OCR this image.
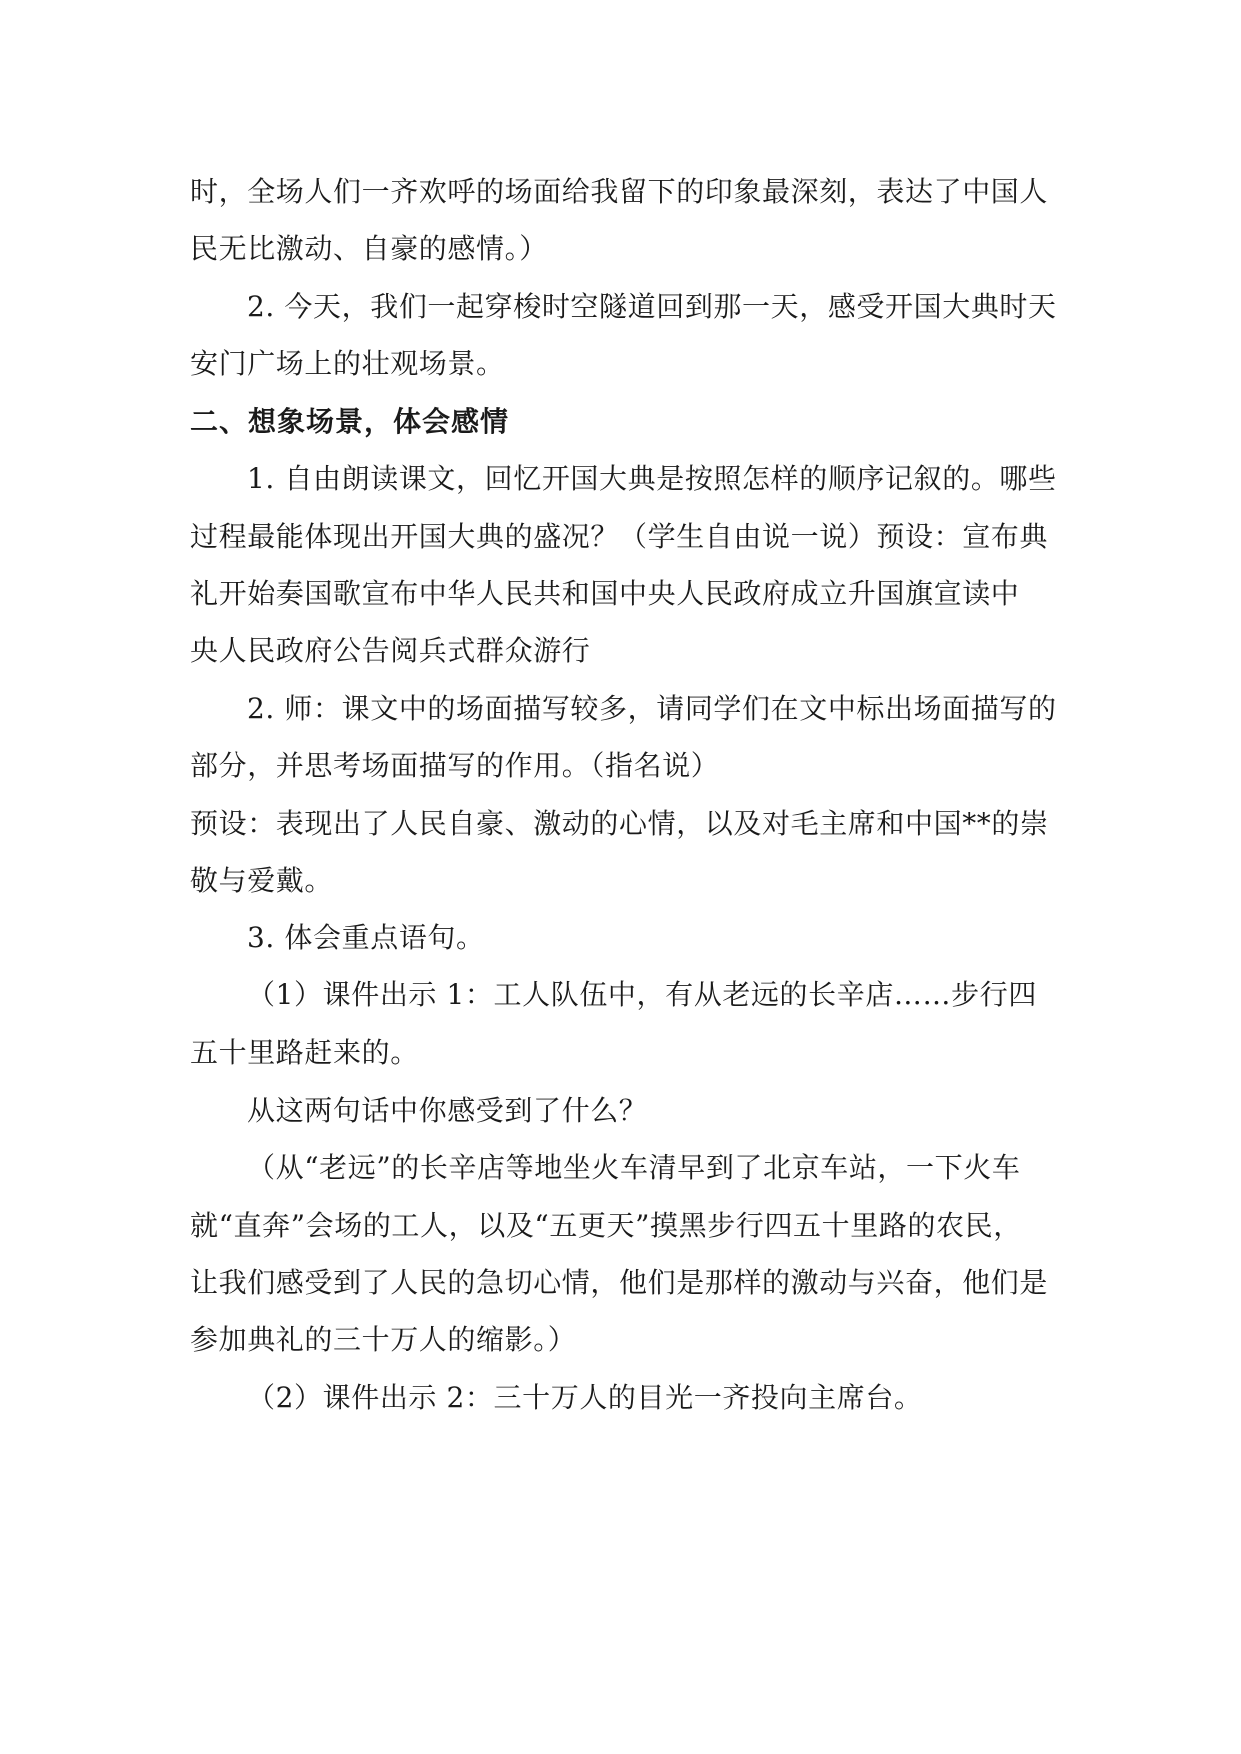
时，全场人们一齐欢呼的场面给我留下的印象最深刻，表达了中国人
民无比激动、自豪的感情。）
2. 今天，我们一起穿梭时空隧道回到那一天，感受开国大典时天
安门广场上的壮观场景。
二、想象场景，体会感情
1. 自由朗读课文，回忆开国大典是按照怎样的顺序记叙的。哪些
过程最能体现出开国大典的盛况？（学生自由说一说）预设：宣布典
礼开始奏国歌宣布中华人民共和国中央人民政府成立升国旗宣读中
央人民政府公告阅兵式群众游行
2. 师：课文中的场面描写较多，请同学们在文中标出场面描写的
部分，并思考场面描写的作用。（指名说）
预设：表现出了人民自豪、激动的心情，以及对毛主席和中国**的崇
敬与爱戴。
3. 体会重点语句。
（1）课件出示 1：工人队伍中，有从老远的长辛店……步行四
五十里路赶来的。
从这两句话中你感受到了什么？
（从“老远”的长辛店等地坐火车清早到了北京车站，一下火车
就“直奔”会场的工人，以及“五更天”摸黑步行四五十里路的农民，
让我们感受到了人民的急切心情，他们是那样的激动与兴奋，他们是
参加典礼的三十万人的缩影。）
（2）课件出示 2：三十万人的目光一齐投向主席台。
